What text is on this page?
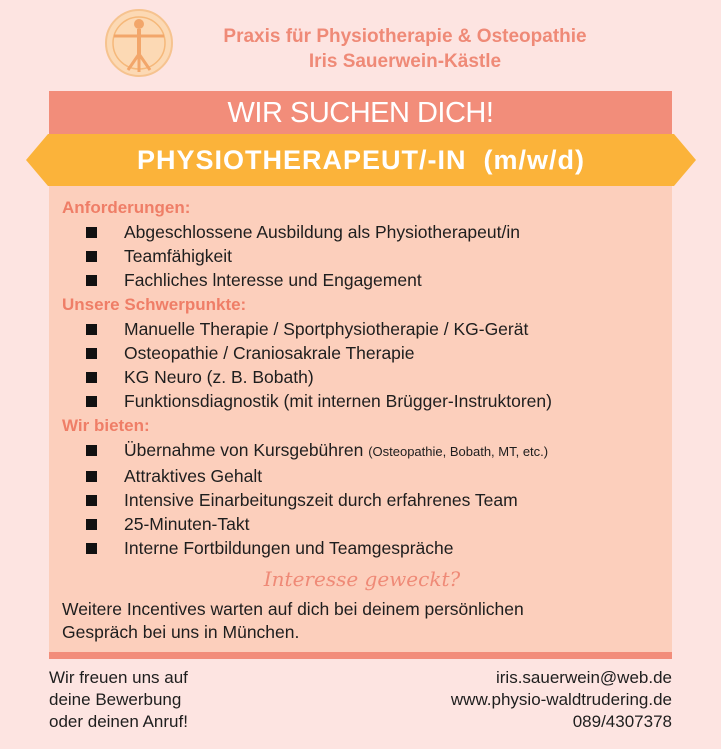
Praxis für Physiotherapie & Osteopathie
Iris Sauerwein-Kästle
WIR SUCHEN DICH!
PHYSIOTHERAPEUT/-IN  (m/w/d)
Anforderungen:
Abgeschlossene Ausbildung als Physiotherapeut/in
Teamfähigkeit
Fachliches lnteresse und Engagement
Unsere Schwerpunkte:
Manuelle Therapie / Sportphysiotherapie / KG-Gerät
Osteopathie / Craniosakrale Therapie
KG Neuro (z. B. Bobath)
Funktionsdiagnostik (mit internen Brügger-Instruktoren)
Wir bieten:
Übernahme von Kursgebühren (Osteopathie, Bobath, MT, etc.)
Attraktives Gehalt
Intensive Einarbeitungszeit durch erfahrenes Team
25-Minuten-Takt
Interne Fortbildungen und Teamgespräche
Interesse geweckt?
Weitere Incentives warten auf dich bei deinem persönlichen
Gespräch bei uns in München.
Wir freuen uns auf
deine Bewerbung
oder deinen Anruf!
iris.sauerwein@web.de
www.physio-waldtrudering.de
089/4307378
